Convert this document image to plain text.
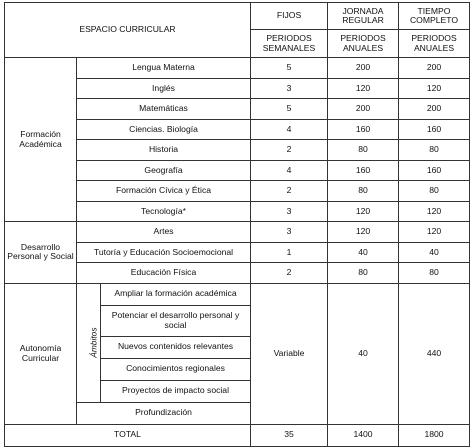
ESPACIO CURRICULAR			FIJOS	JORNADA REGULAR	TIEMPO COMPLETO
			PERIODOS SEMANALES	PERIODOS ANUALES	PERIODOS ANUALES
Formación Académica	Lengua Materna		5	200	200
	Inglés		3	120	120
	Matemáticas		5	200	200
	Ciencias. Biología		4	160	160
	Historia		2	80	80
	Geografía		4	160	160
	Formación Cívica y Ética		2	80	80
	Tecnología*		3	120	120
Desarrollo Personal y Social	Artes		3	120	120
	Tutoría y Educación Socioemocional		1	40	40
	Educación Física		2	80	80
Autonomía Curricular	Ámbitos	Ampliar la formación académica	Variable	40	440
		Potenciar el desarrollo personal y social			
		Nuevos contenidos relevantes			
		Conocimientos regionales			
		Proyectos de impacto social			
	Profundización				
TOTAL			35	1400	1800
